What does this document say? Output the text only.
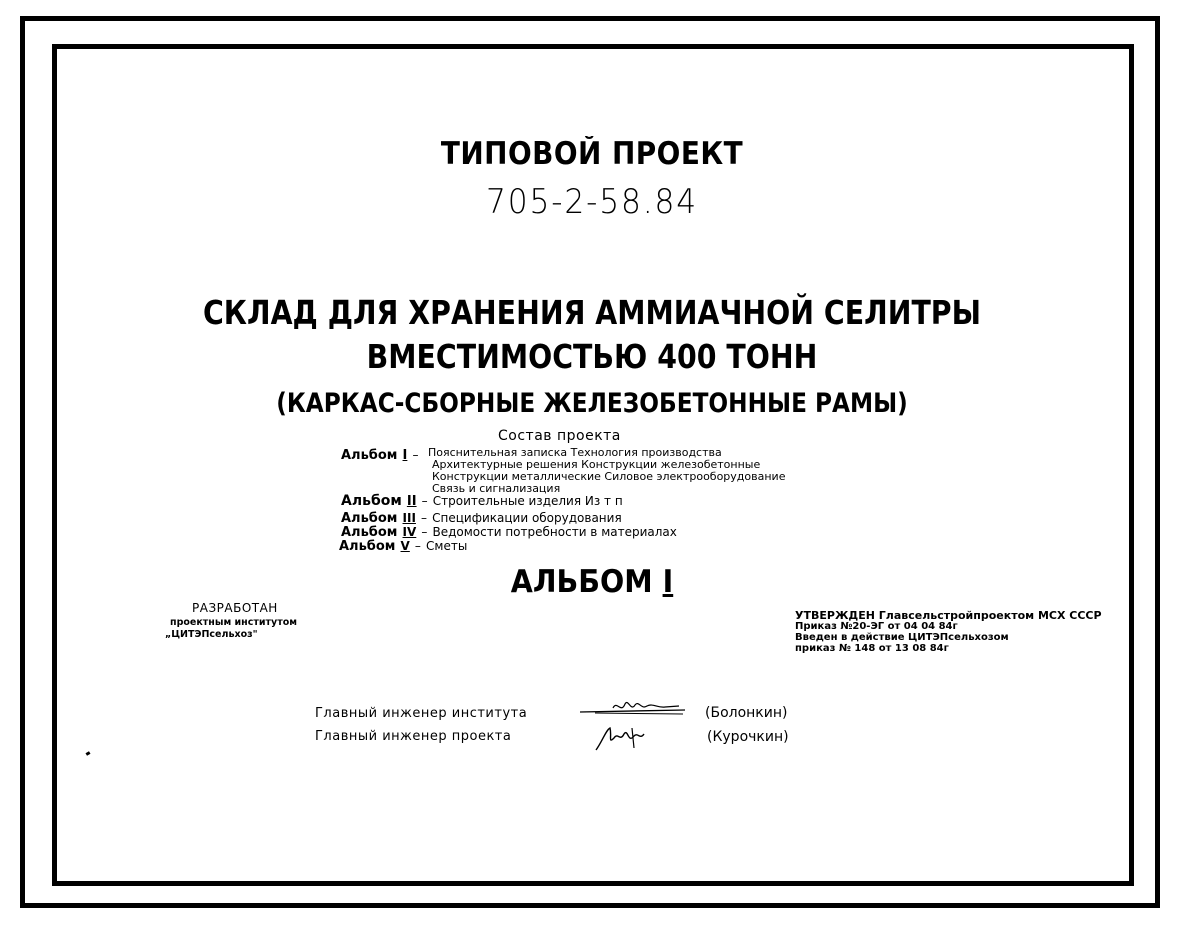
ТИПОВОЙ ПРОЕКТ
705-2-58.84
СКЛАД ДЛЯ ХРАНЕНИЯ АММИАЧНОЙ СЕЛИТРЫ
ВМЕСТИМОСТЬЮ 400 ТОНН
(КАРКАС-СБОРНЫЕ ЖЕЛЕЗОБЕТОННЫЕ РАМЫ)
Состав проекта
Альбом I – Пояснительная записка Технология производства
Архитектурные решения Конструкции железобетонные
Конструкции металлические Силовое электрооборудование
Связь и сигнализация
Альбом II – Строительные изделия Из т п
Альбом III – Спецификации оборудования
Альбом IV – Ведомости потребности в материалах
Альбом V – Сметы
АЛЬБОМ I
РАЗРАБОТАН
проектным институтом
„ЦИТЭПсельхоз"
УТВЕРЖДЕН Главсельстройпроектом МСХ СССР
Приказ №20-ЭГ от 04 04 84г
Введен в действие ЦИТЭПсельхозом
приказ № 148 от 13 08 84г
Главный инженер института
Главный инженер проекта
(Болонкин)
(Курочкин)
